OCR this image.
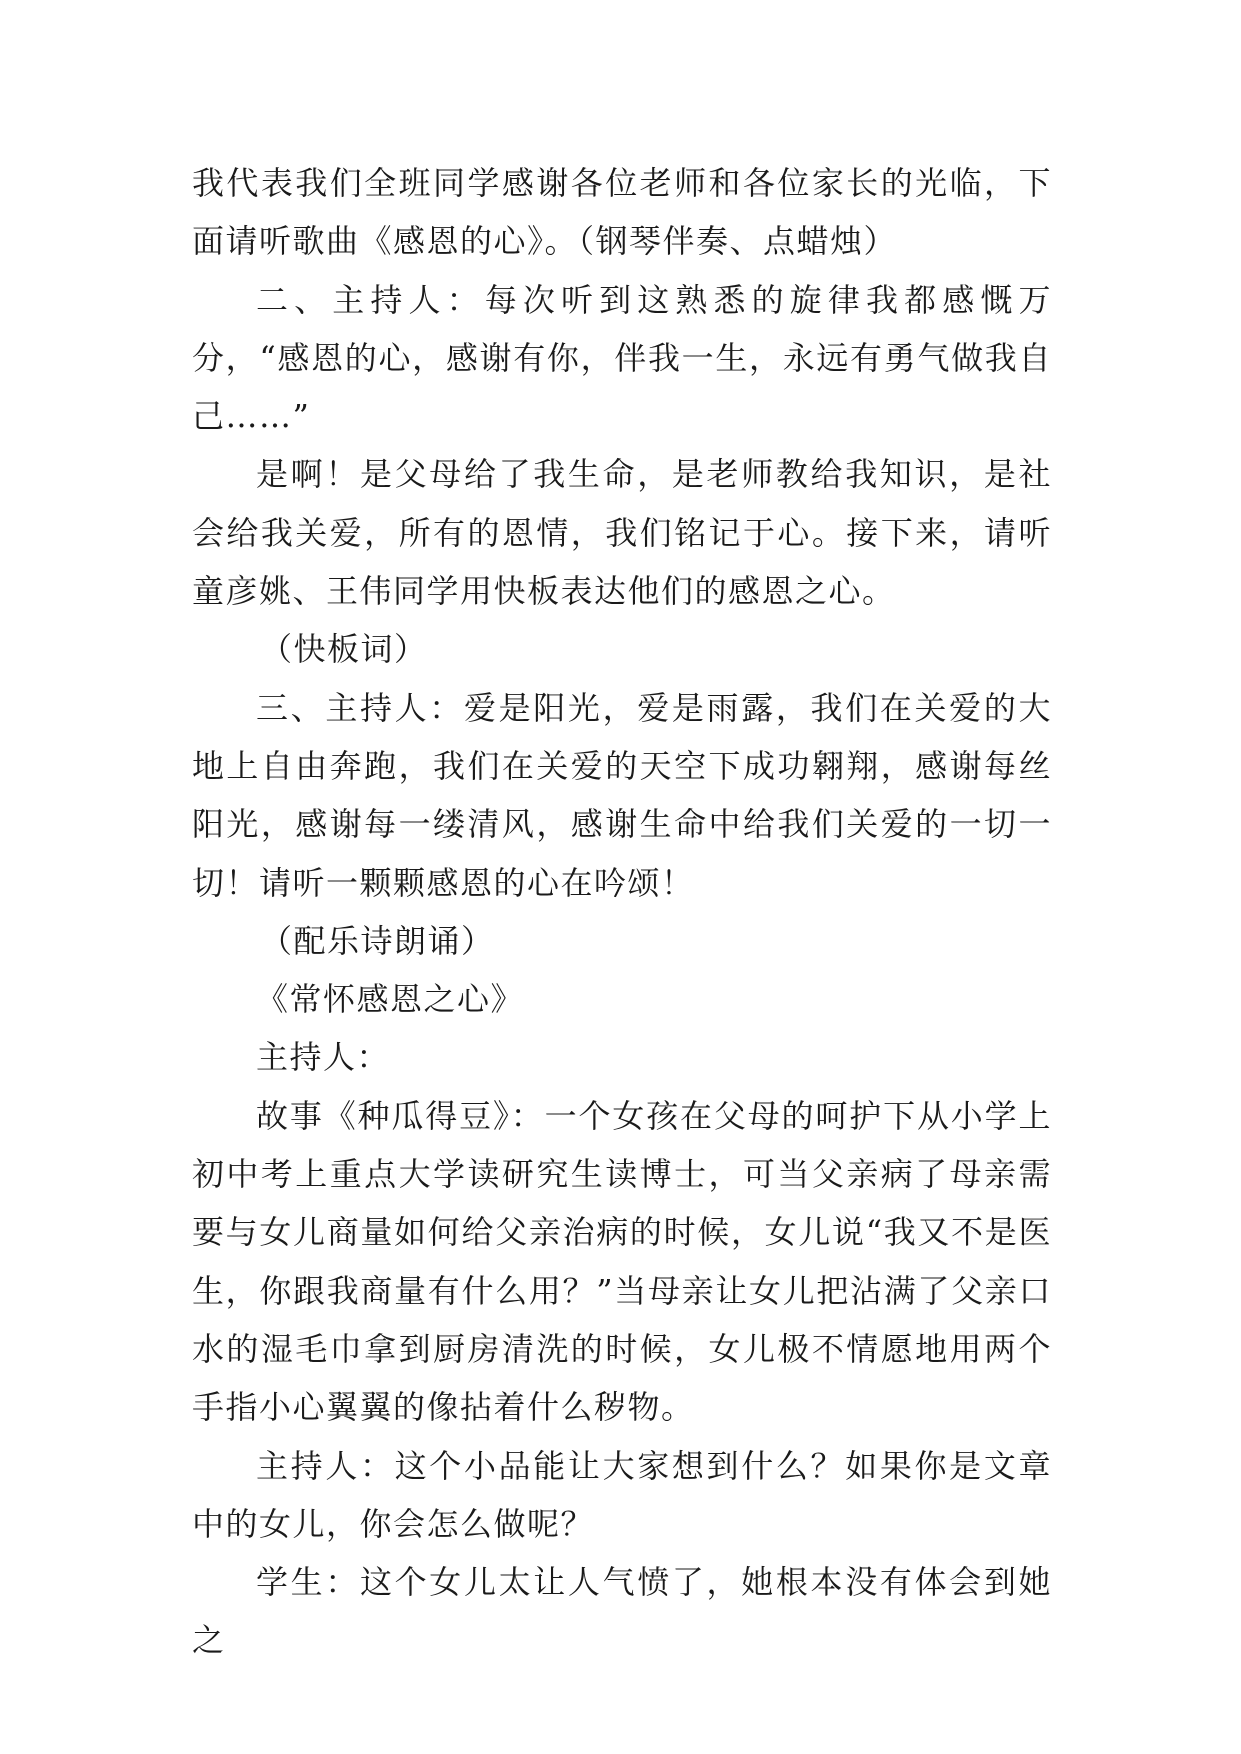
我代表我们全班同学感谢各位老师和各位家长的光临，下面请听歌曲《感恩的心》。（钢琴伴奏、点蜡烛）

二、主持人：每次听到这熟悉的旋律我都感慨万分，“感恩的心，感谢有你，伴我一生，永远有勇气做我自己……”

是啊！是父母给了我生命，是老师教给我知识，是社会给我关爱，所有的恩情，我们铭记于心。接下来，请听童彦姚、王伟同学用快板表达他们的感恩之心。

（快板词）

三、主持人：爱是阳光，爱是雨露，我们在关爱的大地上自由奔跑，我们在关爱的天空下成功翱翔，感谢每丝阳光，感谢每一缕清风，感谢生命中给我们关爱的一切一切！请听一颗颗感恩的心在吟颂！

（配乐诗朗诵）

《常怀感恩之心》

主持人：

故事《种瓜得豆》：一个女孩在父母的呵护下从小学上初中考上重点大学读研究生读博士，可当父亲病了母亲需要与女儿商量如何给父亲治病的时候，女儿说“我又不是医生，你跟我商量有什么用？”当母亲让女儿把沾满了父亲口水的湿毛巾拿到厨房清洗的时候，女儿极不情愿地用两个手指小心翼翼的像拈着什么秽物。

主持人：这个小品能让大家想到什么？如果你是文章中的女儿，你会怎么做呢？

学生：这个女儿太让人气愤了，她根本没有体会到她之
